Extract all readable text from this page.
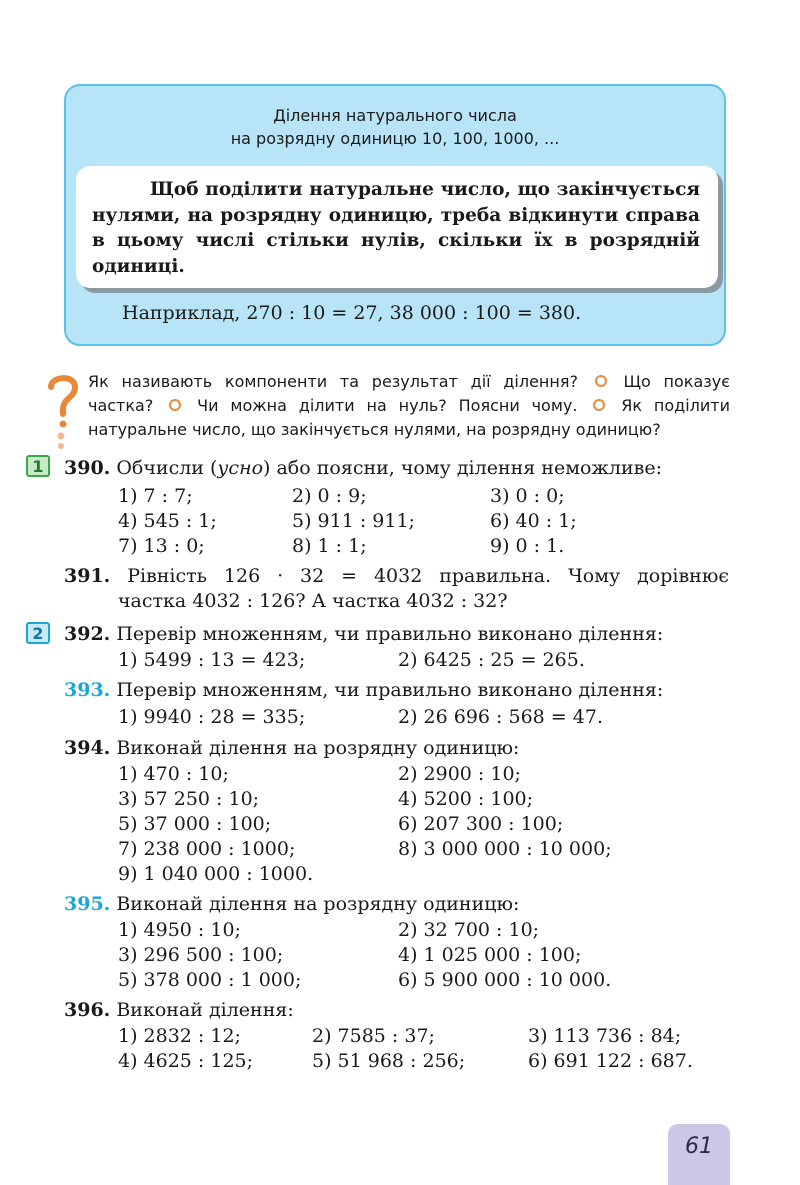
Ділення натурального числа
на розрядну одиницю 10, 100, 1000, ...
Щоб поділити натуральне число, що закінчується нулями, на розрядну одиницю, треба відкинути справа в цьому числі стільки нулів, скільки їх в розрядній одиниці.
Наприклад, 270 : 10 = 27, 38 000 : 100 = 380.
Як називають компоненти та результат дії ділення?	Що показує частка?	Чи можна ділити на нуль? Поясни чому.	Як поділити натуральне число, що закінчується нулями, на розрядну одиницю?
1
2
390. Обчисли (усно) або поясни, чому ділення неможливе:
1) 7 : 7;	2) 0 : 9;	3) 0 : 0;
4) 545 : 1;	5) 911 : 911;	6) 40 : 1;
7) 13 : 0;	8) 1 : 1;	9) 0 : 1.
391. Рівність 126 · 32 = 4032 правильна. Чому дорівнює
частка 4032 : 126? А частка 4032 : 32?
392. Перевір множенням, чи правильно виконано ділення:
1) 5499 : 13 = 423;	2) 6425 : 25 = 265.
393. Перевір множенням, чи правильно виконано ділення:
1) 9940 : 28 = 335;	2) 26 696 : 568 = 47.
394. Виконай ділення на розрядну одиницю:
1) 470 : 10;	2) 2900 : 10;
3) 57 250 : 10;	4) 5200 : 100;
5) 37 000 : 100;	6) 207 300 : 100;
7) 238 000 : 1000;	8) 3 000 000 : 10 000;
9) 1 040 000 : 1000.
395. Виконай ділення на розрядну одиницю:
1) 4950 : 10;	2) 32 700 : 10;
3) 296 500 : 100;	4) 1 025 000 : 100;
5) 378 000 : 1 000;	6) 5 900 000 : 10 000.
396. Виконай ділення:
1) 2832 : 12;	2) 7585 : 37;	3) 113 736 : 84;
4) 4625 : 125;	5) 51 968 : 256;	6) 691 122 : 687.
61
